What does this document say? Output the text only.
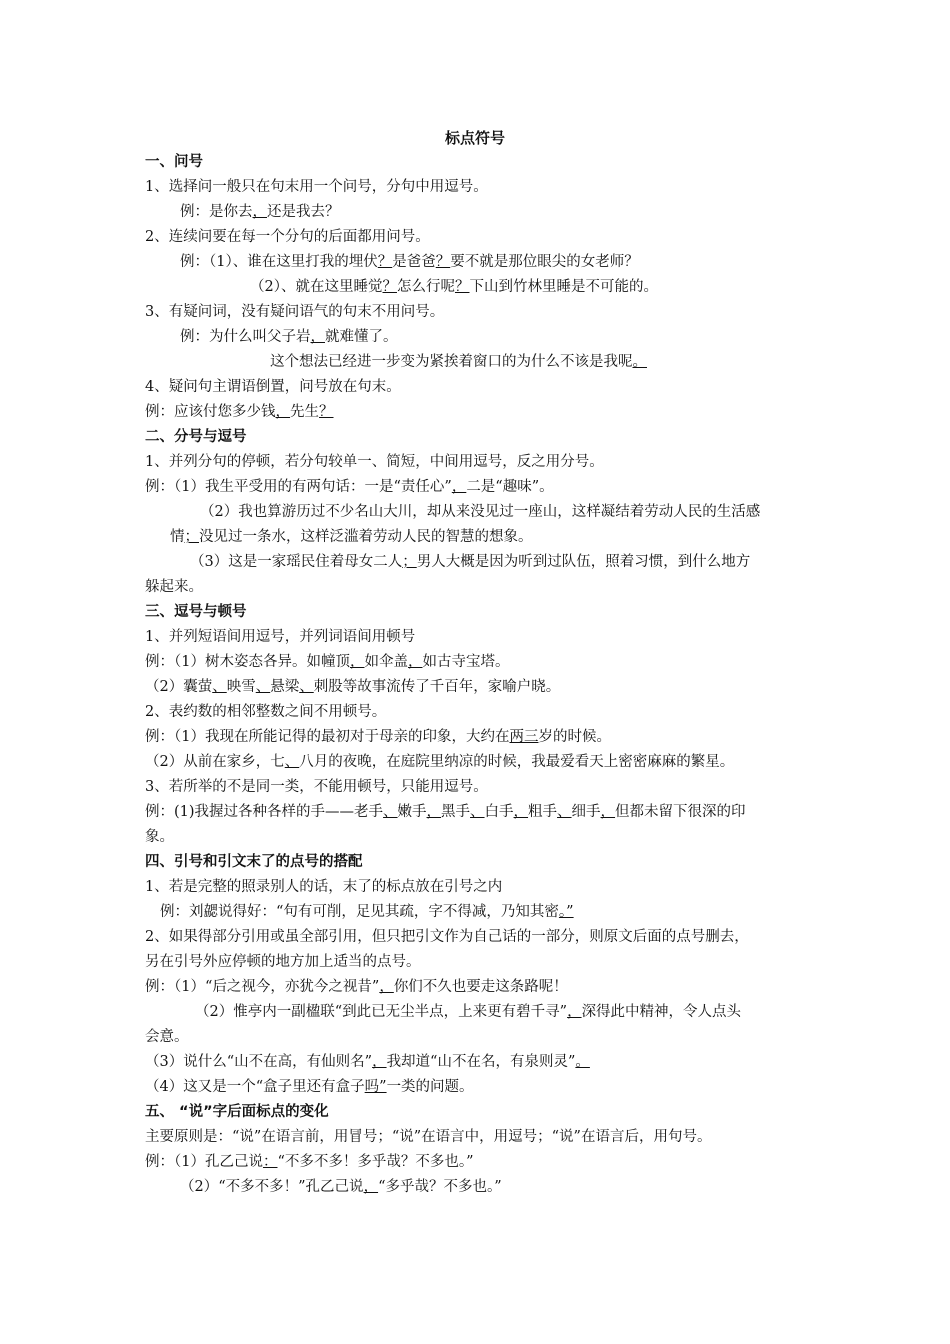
标点符号
一、问号
1、选择问一般只在句末用一个问号，分句中用逗号。
例：是你去，还是我去？
2、连续问要在每一个分句的后面都用问号。
例：（1）、谁在这里打我的埋伏？是爸爸？要不就是那位眼尖的女老师？
（2）、就在这里睡觉？怎么行呢？下山到竹林里睡是不可能的。
3、有疑问词，没有疑问语气的句末不用问号。
例：为什么叫父子岩，就难懂了。
这个想法已经进一步变为紧挨着窗口的为什么不该是我呢。
4、疑问句主谓语倒置，问号放在句末。
例：应该付您多少钱，先生？
二、分号与逗号
1、并列分句的停顿，若分句较单一、简短，中间用逗号，反之用分号。
例：（1）我生平受用的有两句话：一是“责任心”，二是“趣味”。
（2）我也算游历过不少名山大川，却从来没见过一座山，这样凝结着劳动人民的生活感
情；没见过一条水，这样泛滥着劳动人民的智慧的想象。
（3）这是一家瑶民住着母女二人；男人大概是因为听到过队伍，照着习惯，到什么地方
躲起来。
三、逗号与顿号
1、并列短语间用逗号，并列词语间用顿号
例：（1）树木姿态各异。如幢顶，如伞盖，如古寺宝塔。
（2）囊萤、映雪、悬梁、刺股等故事流传了千百年，家喻户晓。
2、表约数的相邻整数之间不用顿号。
例：（1）我现在所能记得的最初对于母亲的印象，大约在两三岁的时候。
（2）从前在家乡，七、八月的夜晚，在庭院里纳凉的时候，我最爱看天上密密麻麻的繁星。
3、若所举的不是同一类，不能用顿号，只能用逗号。
例：(1)我握过各种各样的手——老手、嫩手，黑手、白手，粗手、细手，但都未留下很深的印
象。
四、引号和引文末了的点号的搭配
1、若是完整的照录别人的话，末了的标点放在引号之内
例：刘勰说得好：“句有可削，足见其疏，字不得减，乃知其密。”
2、如果得部分引用或虽全部引用，但只把引文作为自己话的一部分，则原文后面的点号删去，
另在引号外应停顿的地方加上适当的点号。
例：（1）“后之视今，亦犹今之视昔”，你们不久也要走这条路呢！
（2）惟亭内一副楹联“到此已无尘半点，上来更有碧千寻”，深得此中精神，令人点头
会意。
（3）说什么“山不在高，有仙则名”，我却道“山不在名，有泉则灵”。
（4）这又是一个“盒子里还有盒子吗”一类的问题。
五、 “说”字后面标点的变化
主要原则是：“说”在语言前，用冒号；“说”在语言中，用逗号；“说”在语言后，用句号。
例：（1）孔乙己说：“不多不多！多乎哉？不多也。”
（2）“不多不多！”孔乙己说，“多乎哉？不多也。”
